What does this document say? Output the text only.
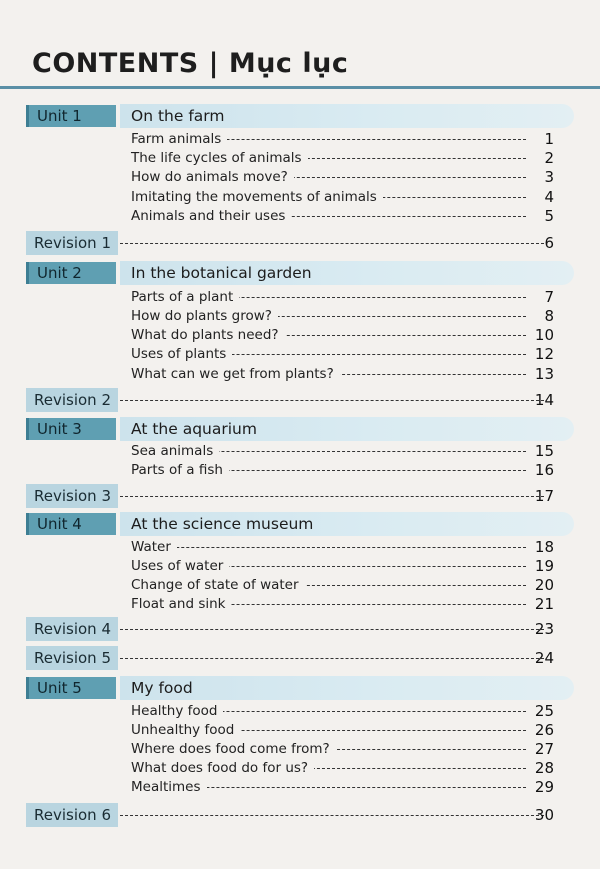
CONTENTS | Mục lục
Unit 1	On the farm
Farm animals	1
The life cycles of animals	2
How do animals move?	3
Imitating the movements of animals	4
Animals and their uses	5
Revision 1	6
Unit 2	In the botanical garden
Parts of a plant	7
How do plants grow?	8
What do plants need?	10
Uses of plants	12
What can we get from plants?	13
Revision 2	14
Unit 3	At the aquarium
Sea animals	15
Parts of a fish	16
Revision 3	17
Unit 4	At the science museum
Water	18
Uses of water	19
Change of state of water	20
Float and sink	21
Revision 4	23
Revision 5	24
Unit 5	My food
Healthy food	25
Unhealthy food	26
Where does food come from?	27
What does food do for us?	28
Mealtimes	29
Revision 6	30
